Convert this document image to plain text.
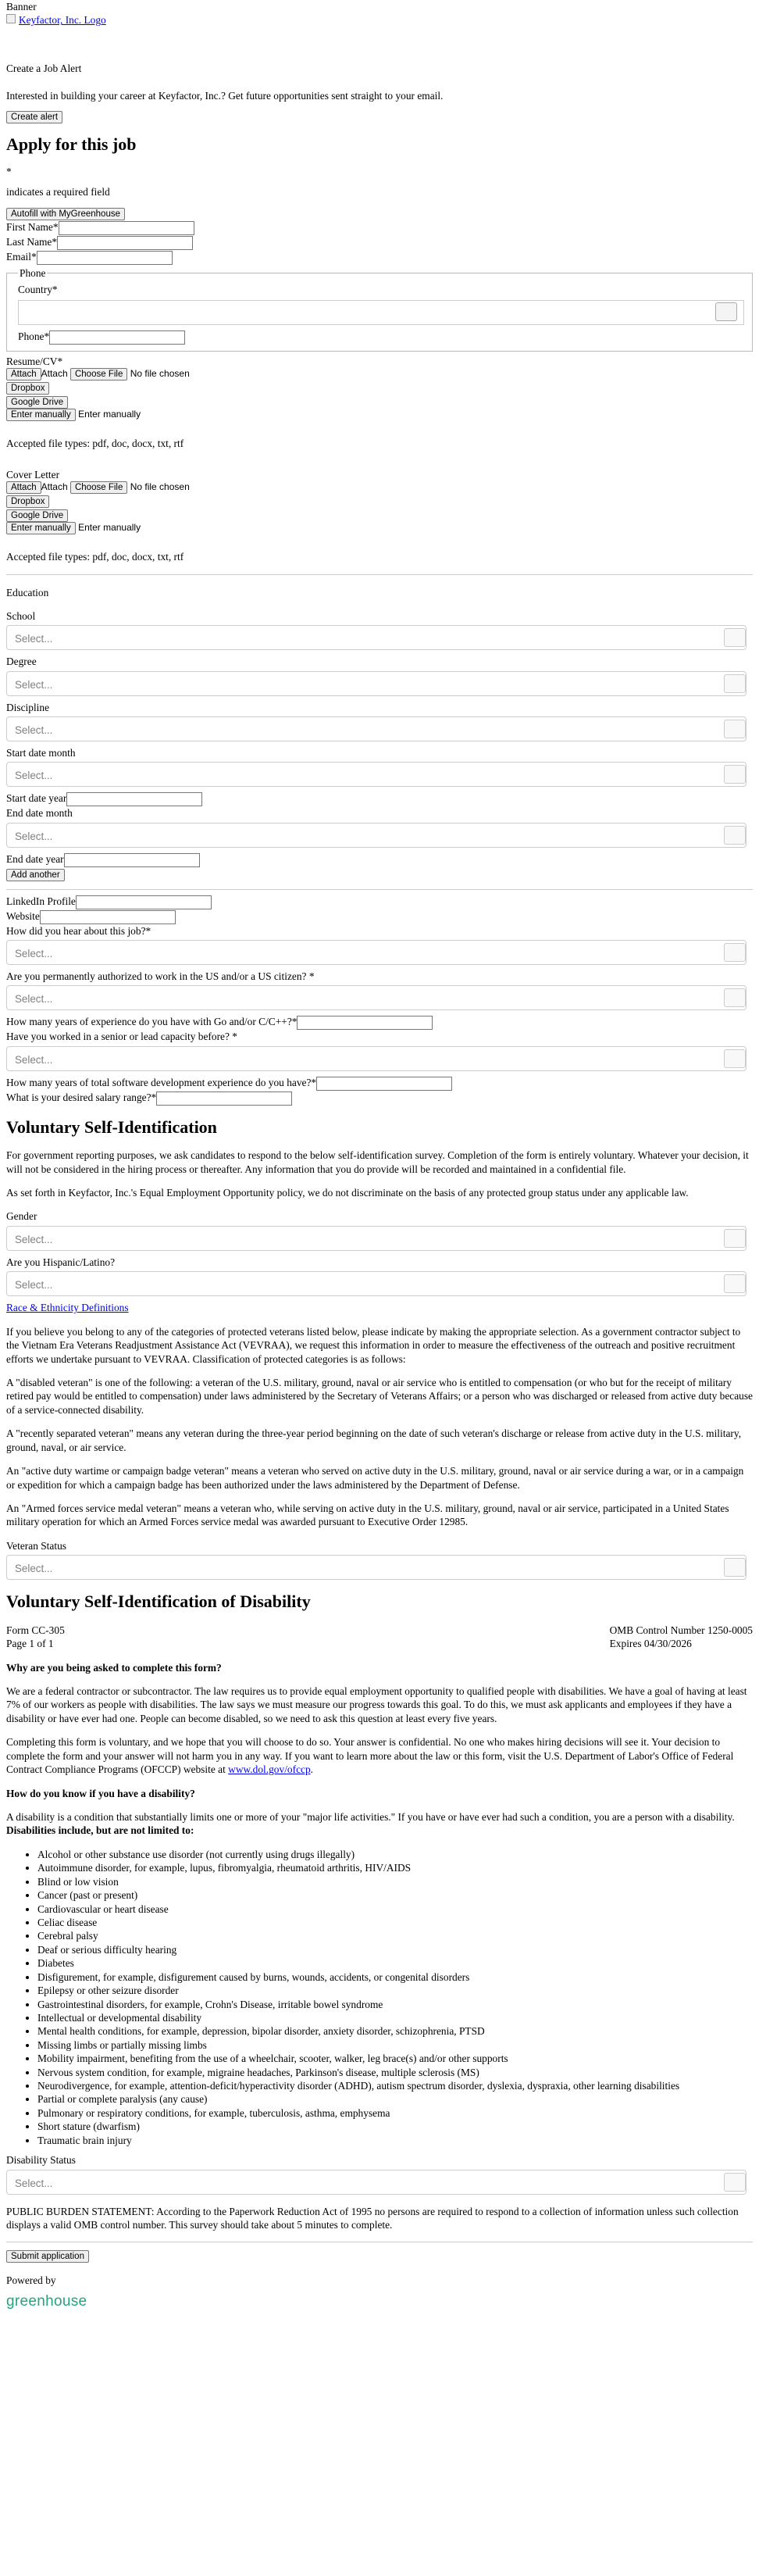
Banner
Keyfactor, Inc. Logo
Create a Job Alert

Interested in building your career at Keyfactor, Inc.? Get future opportunities sent straight to your email.

Create alert
Apply for this job
*

indicates a required field

Autofill with MyGreenhouse
First Name*
Last Name*
Email*
Phone
Country*
Phone*
Resume/CV*
Attach Attach Choose File No file chosen
Dropbox
Google Drive
Enter manually Enter manually

Accepted file types: pdf, doc, docx, txt, rtf

Cover Letter
Attach Attach Choose File No file chosen
Dropbox
Google Drive
Enter manually Enter manually

Accepted file types: pdf, doc, docx, txt, rtf

Education
School
Select...
Degree
Select...
Discipline
Select...
Start date month
Select...
Start date year
End date month
Select...
End date year
Add another
LinkedIn Profile
Website
How did you hear about this job?*
Select...
Are you permanently authorized to work in the US and/or a US citizen? *
Select...
How many years of experience do you have with Go and/or C/C++?*
Have you worked in a senior or lead capacity before? *
Select...
How many years of total software development experience do you have?*
What is your desired salary range?*
Voluntary Self-Identification

For government reporting purposes, we ask candidates to respond to the below self-identification survey. Completion of the form is entirely voluntary. Whatever your decision, it will not be considered in the hiring process or thereafter. Any information that you do provide will be recorded and maintained in a confidential file.

As set forth in Keyfactor, Inc.'s Equal Employment Opportunity policy, we do not discriminate on the basis of any protected group status under any applicable law.

Gender
Select...
Are you Hispanic/Latino?
Select...
Race & Ethnicity Definitions

If you believe you belong to any of the categories of protected veterans listed below, please indicate by making the appropriate selection. As a government contractor subject to the Vietnam Era Veterans Readjustment Assistance Act (VEVRAA), we request this information in order to measure the effectiveness of the outreach and positive recruitment efforts we undertake pursuant to VEVRAA. Classification of protected categories is as follows:

A "disabled veteran" is one of the following: a veteran of the U.S. military, ground, naval or air service who is entitled to compensation (or who but for the receipt of military retired pay would be entitled to compensation) under laws administered by the Secretary of Veterans Affairs; or a person who was discharged or released from active duty because of a service-connected disability.

A "recently separated veteran" means any veteran during the three-year period beginning on the date of such veteran's discharge or release from active duty in the U.S. military, ground, naval, or air service.

An "active duty wartime or campaign badge veteran" means a veteran who served on active duty in the U.S. military, ground, naval or air service during a war, or in a campaign or expedition for which a campaign badge has been authorized under the laws administered by the Department of Defense.

An "Armed forces service medal veteran" means a veteran who, while serving on active duty in the U.S. military, ground, naval or air service, participated in a United States military operation for which an Armed Forces service medal was awarded pursuant to Executive Order 12985.

Veteran Status
Select...
Voluntary Self-Identification of Disability
Form CC-305
Page 1 of 1
OMB Control Number 1250-0005
Expires 04/30/2026

Why are you being asked to complete this form?

We are a federal contractor or subcontractor. The law requires us to provide equal employment opportunity to qualified people with disabilities. We have a goal of having at least 7% of our workers as people with disabilities. The law says we must measure our progress towards this goal. To do this, we must ask applicants and employees if they have a disability or have ever had one. People can become disabled, so we need to ask this question at least every five years.

Completing this form is voluntary, and we hope that you will choose to do so. Your answer is confidential. No one who makes hiring decisions will see it. Your decision to complete the form and your answer will not harm you in any way. If you want to learn more about the law or this form, visit the U.S. Department of Labor's Office of Federal Contract Compliance Programs (OFCCP) website at www.dol.gov/ofccp.

How do you know if you have a disability?

A disability is a condition that substantially limits one or more of your "major life activities." If you have or have ever had such a condition, you are a person with a disability. Disabilities include, but are not limited to:

• Alcohol or other substance use disorder (not currently using drugs illegally)
• Autoimmune disorder, for example, lupus, fibromyalgia, rheumatoid arthritis, HIV/AIDS
• Blind or low vision
• Cancer (past or present)
• Cardiovascular or heart disease
• Celiac disease
• Cerebral palsy
• Deaf or serious difficulty hearing
• Diabetes
• Disfigurement, for example, disfigurement caused by burns, wounds, accidents, or congenital disorders
• Epilepsy or other seizure disorder
• Gastrointestinal disorders, for example, Crohn's Disease, irritable bowel syndrome
• Intellectual or developmental disability
• Mental health conditions, for example, depression, bipolar disorder, anxiety disorder, schizophrenia, PTSD
• Missing limbs or partially missing limbs
• Mobility impairment, benefiting from the use of a wheelchair, scooter, walker, leg brace(s) and/or other supports
• Nervous system condition, for example, migraine headaches, Parkinson's disease, multiple sclerosis (MS)
• Neurodivergence, for example, attention-deficit/hyperactivity disorder (ADHD), autism spectrum disorder, dyslexia, dyspraxia, other learning disabilities
• Partial or complete paralysis (any cause)
• Pulmonary or respiratory conditions, for example, tuberculosis, asthma, emphysema
• Short stature (dwarfism)
• Traumatic brain injury
Disability Status
Select...

PUBLIC BURDEN STATEMENT: According to the Paperwork Reduction Act of 1995 no persons are required to respond to a collection of information unless such collection displays a valid OMB control number. This survey should take about 5 minutes to complete.

Submit application

Powered by

greenhouse
